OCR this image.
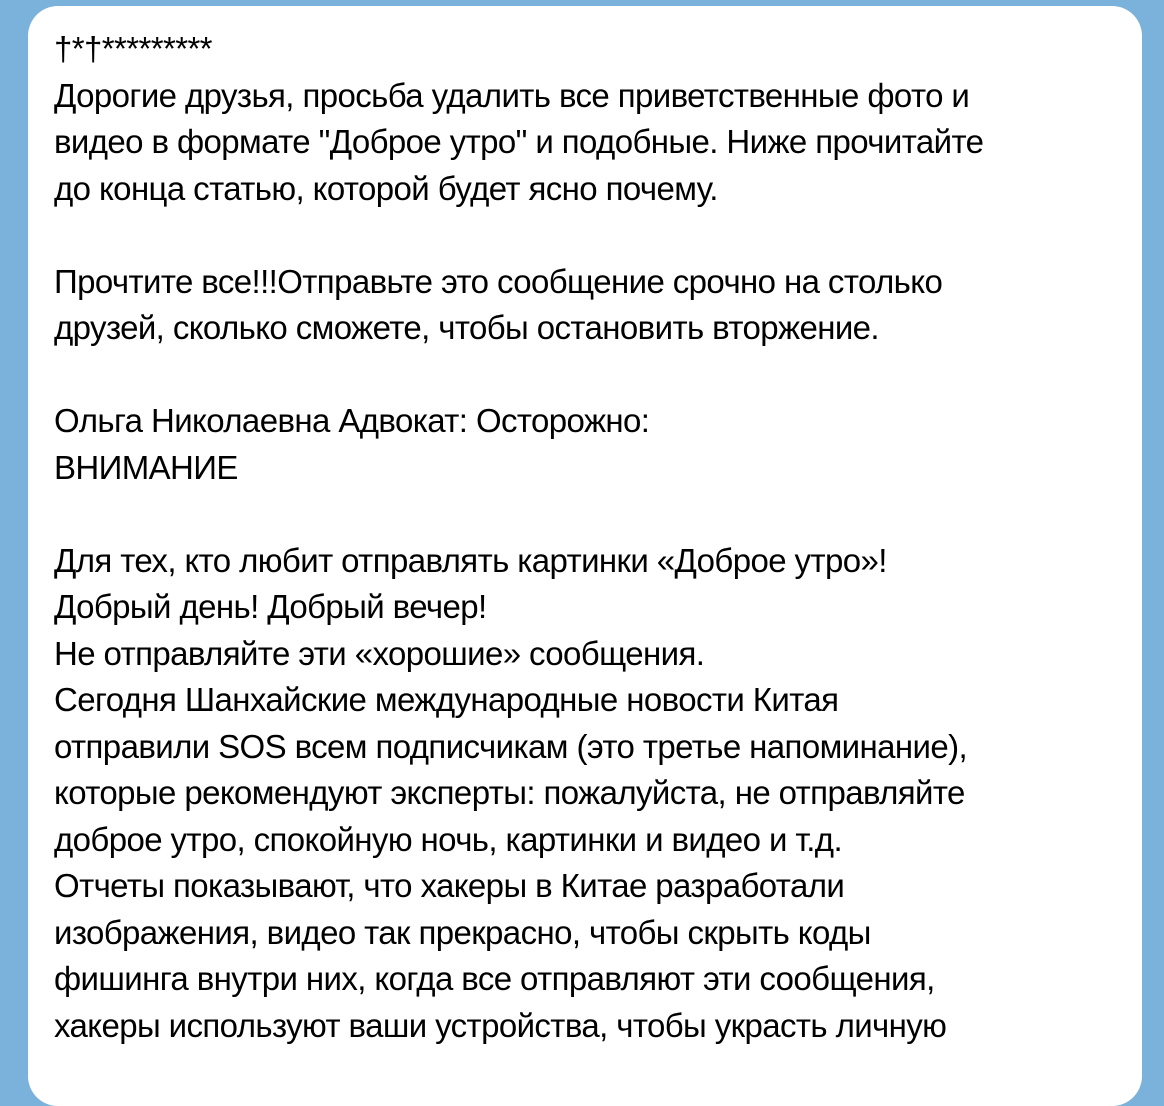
†*†*********
Дорогие друзья, просьба удалить все приветственные фото и
видео в формате "Доброе утро" и подобные. Ниже прочитайте
до конца статью, которой будет ясно почему.

Прочтите все!!!Отправьте это сообщение срочно на столько
друзей, сколько сможете, чтобы остановить вторжение.

Ольга Николаевна Адвокат: Осторожно:
ВНИМАНИЕ

Для тех, кто любит отправлять картинки «Доброе утро»!
Добрый день! Добрый вечер!
Не отправляйте эти «хорошие» сообщения.
Сегодня Шанхайские международные новости Китая
отправили SOS всем подписчикам (это третье напоминание),
которые рекомендуют эксперты: пожалуйста, не отправляйте
доброе утро, спокойную ночь, картинки и видео и т.д.
Отчеты показывают, что хакеры в Китае разработали
изображения, видео так прекрасно, чтобы скрыть коды
фишинга внутри них, когда все отправляют эти сообщения,
хакеры используют ваши устройства, чтобы украсть личную
